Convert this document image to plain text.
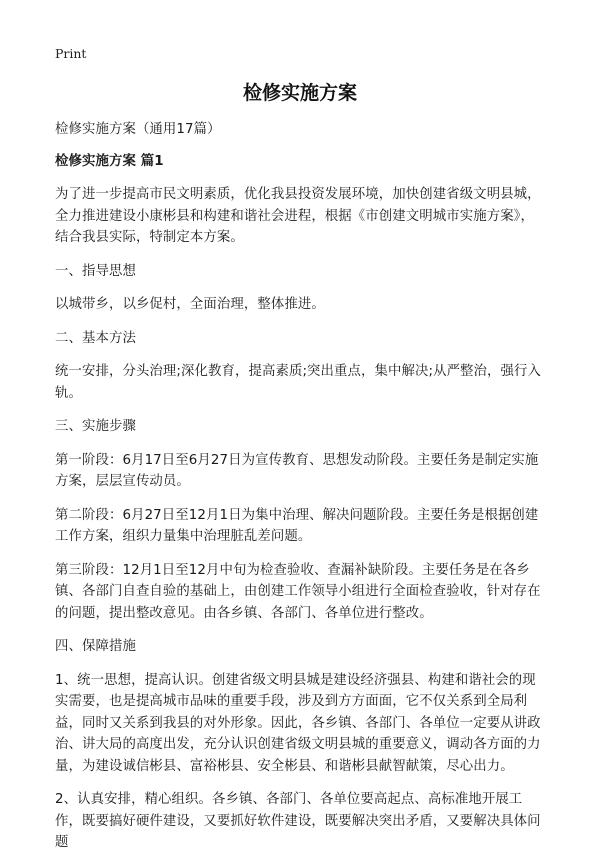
Print
检修实施方案

检修实施方案（通用17篇）

检修实施方案 篇1

为了进一步提高市民文明素质，优化我县投资发展环境，加快创建省级文明县城，全力推进建设小康彬县和构建和谐社会进程，根据《市创建文明城市实施方案》，结合我县实际，特制定本方案。

一、指导思想

以城带乡，以乡促村，全面治理，整体推进。

二、基本方法

统一安排，分头治理;深化教育，提高素质;突出重点，集中解决;从严整治，强行入轨。

三、实施步骤

第一阶段：6月17日至6月27日为宣传教育、思想发动阶段。主要任务是制定实施方案，层层宣传动员。

第二阶段：6月27日至12月1日为集中治理、解决问题阶段。主要任务是根据创建工作方案，组织力量集中治理脏乱差问题。

第三阶段：12月1日至12月中旬为检查验收、查漏补缺阶段。主要任务是在各乡镇、各部门自查自验的基础上，由创建工作领导小组进行全面检查验收，针对存在的问题，提出整改意见。由各乡镇、各部门、各单位进行整改。

四、保障措施

1、统一思想，提高认识。创建省级文明县城是建设经济强县、构建和谐社会的现实需要，也是提高城市品味的重要手段，涉及到方方面面，它不仅关系到全局利益，同时又关系到我县的对外形象。因此，各乡镇、各部门、各单位一定要从讲政治、讲大局的高度出发，充分认识创建省级文明县城的重要意义，调动各方面的力量，为建设诚信彬县、富裕彬县、安全彬县、和谐彬县献智献策，尽心出力。

2、认真安排，精心组织。各乡镇、各部门、各单位要高起点、高标准地开展工作，既要搞好硬件建设，又要抓好软件建设，既要解决突出矛盾，又要解决具体问题
